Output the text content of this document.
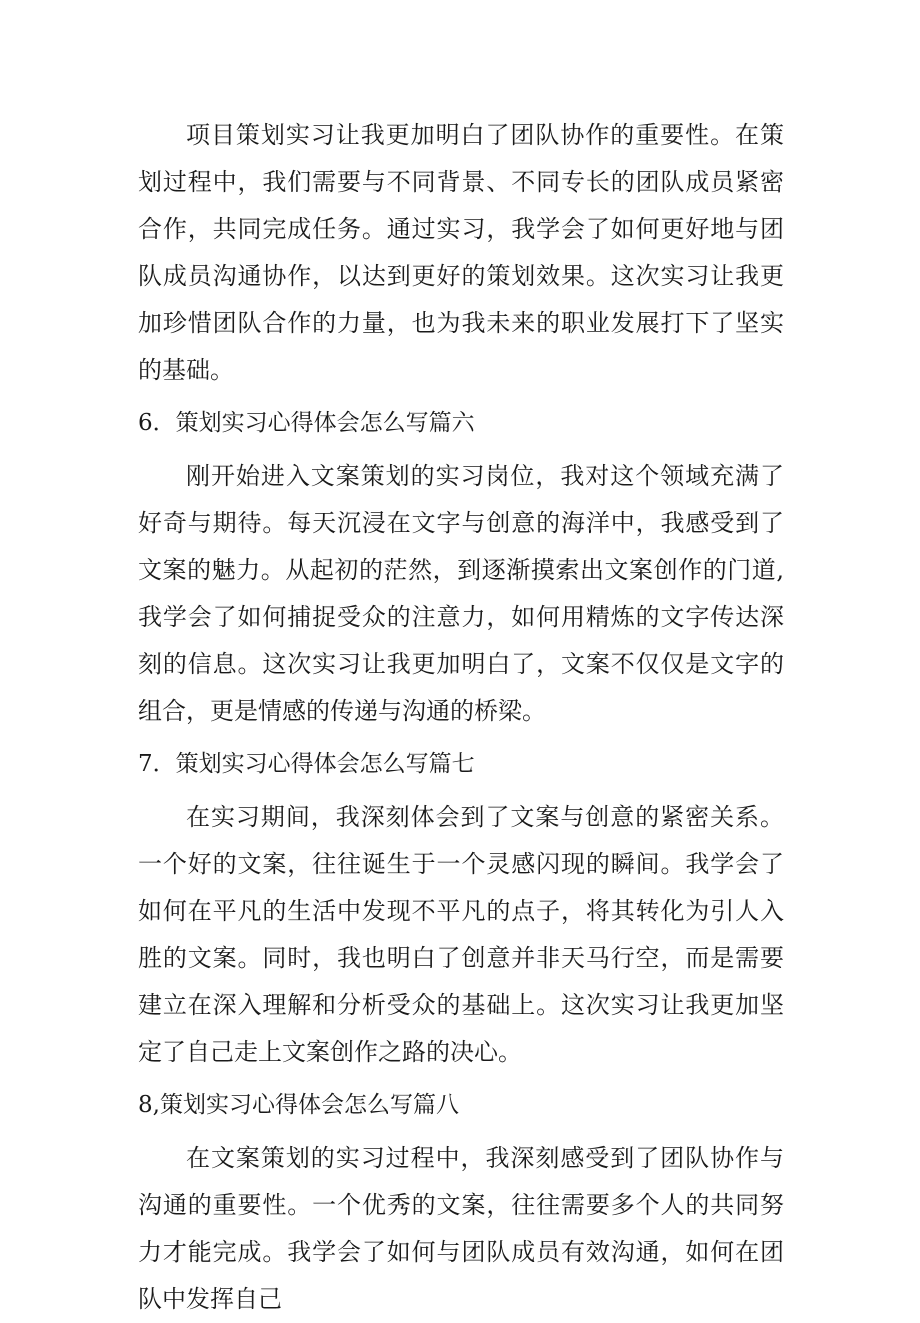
项目策划实习让我更加明白了团队协作的重要性。在策划过程中，我们需要与不同背景、不同专长的团队成员紧密合作，共同完成任务。通过实习，我学会了如何更好地与团队成员沟通协作，以达到更好的策划效果。这次实习让我更加珍惜团队合作的力量，也为我未来的职业发展打下了坚实的基础。

6．策划实习心得体会怎么写篇六

刚开始进入文案策划的实习岗位，我对这个领域充满了好奇与期待。每天沉浸在文字与创意的海洋中，我感受到了文案的魅力。从起初的茫然，到逐渐摸索出文案创作的门道,我学会了如何捕捉受众的注意力，如何用精炼的文字传达深刻的信息。这次实习让我更加明白了，文案不仅仅是文字的组合，更是情感的传递与沟通的桥梁。

7．策划实习心得体会怎么写篇七

在实习期间，我深刻体会到了文案与创意的紧密关系。一个好的文案，往往诞生于一个灵感闪现的瞬间。我学会了如何在平凡的生活中发现不平凡的点子，将其转化为引人入胜的文案。同时，我也明白了创意并非天马行空，而是需要建立在深入理解和分析受众的基础上。这次实习让我更加坚定了自己走上文案创作之路的决心。

8,策划实习心得体会怎么写篇八

在文案策划的实习过程中，我深刻感受到了团队协作与沟通的重要性。一个优秀的文案，往往需要多个人的共同努力才能完成。我学会了如何与团队成员有效沟通，如何在团队中发挥自己
